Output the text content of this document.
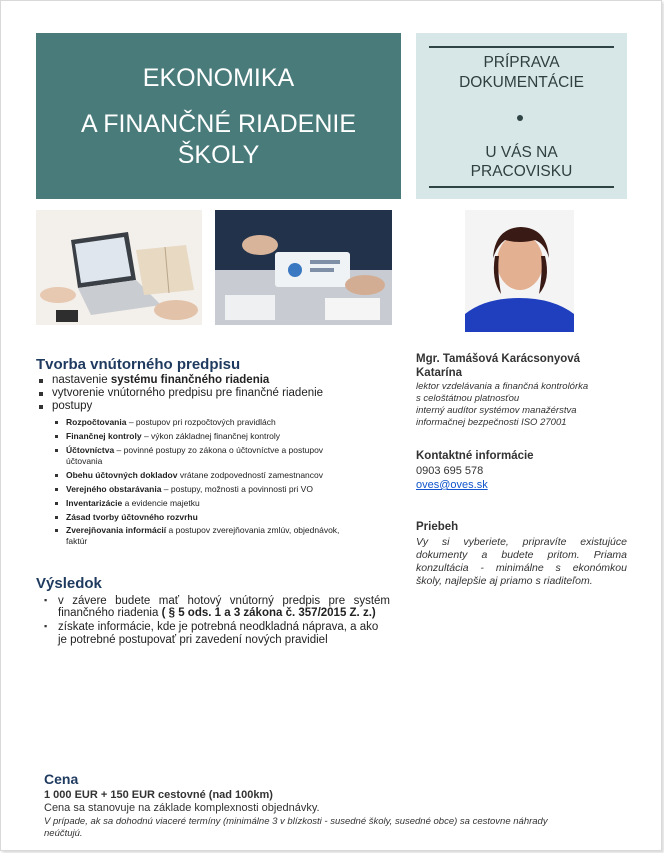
EKONOMIKA
A FINANČNÉ RIADENIE
ŠKOLY
PRÍPRAVA
DOKUMENTÁCIE
U VÁS NA
PRACOVISKU
Tvorba vnútorného predpisu
nastavenie systému finančného riadenia
vytvorenie vnútorného predpisu pre finančné riadenie
postupy
Rozpočtovania – postupov pri rozpočtových pravidlách
Finančnej kontroly – výkon základnej finančnej kontroly
Účtovníctva – povinné postupy zo zákona o účtovníctve a postupov
účtovania
Obehu účtovných dokladov vrátane zodpovedností zamestnancov
Verejného obstarávania – postupy, možnosti a povinnosti pri VO
Inventarizácie a evidencie majetku
Zásad tvorby účtovného rozvrhu
Zverejňovania informácií a postupov zverejňovania zmlúv, objednávok,
faktúr
Výsledok
▪ v závere budete mať hotový vnútorný predpis pre systém
finančného riadenia ( § 5 ods. 1 a 3 zákona č. 357/2015 Z. z.)
▪ získate informácie, kde je potrebná neodkladná náprava, a ako
je potrebné postupovať pri zavedení nových pravidiel
Mgr. Tamášová Karácsonyová
Katarína
lektor vzdelávania a finančná kontrolórka
s celoštátnou platnosťou
interný audítor systémov manažérstva
informačnej bezpečnosti ISO 27001
Kontaktné informácie
0903 695 578
oves@oves.sk
Priebeh
Vy si vyberiete, pripravíte existujúce
dokumenty a budete pritom. Priama
konzultácia - minimálne s ekonómkou
školy, najlepšie aj priamo s riaditeľom.
Cena
1 000 EUR + 150 EUR cestovné (nad 100km)
Cena sa stanovuje na základe komplexnosti objednávky.
V prípade, ak sa dohodnú viaceré termíny (minimálne 3 v blízkosti - susedné školy, susedné obce) sa cestovne náhrady
neúčtujú.
